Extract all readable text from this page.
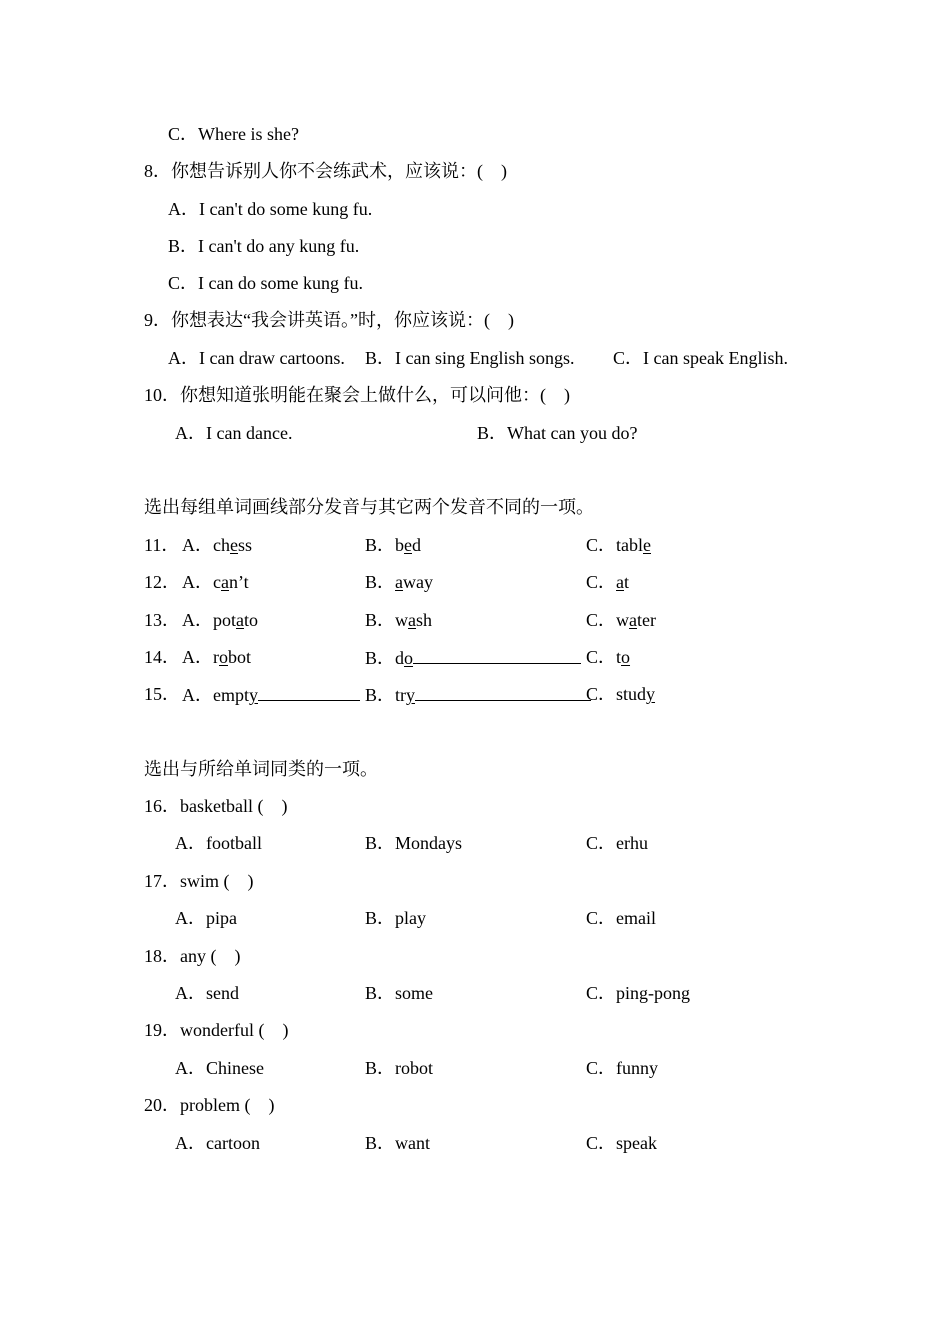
C．Where is she?
8．你想告诉别人你不会练武术，应该说：(　)
A．I can't do some kung fu.
B．I can't do any kung fu.
C．I can do some kung fu.
9．你想表达“我会讲英语。”时，你应该说：(　)
A．I can draw cartoons. B．I can sing English songs. C．I can speak English.
10．你想知道张明能在聚会上做什么，可以问他：(　)
A．I can dance.	B．What can you do?
选出每组单词画线部分发音与其它两个发音不同的一项。
11． A．chess	B．bed	C．table
12． A．can’t	B．away	C．at
13． A．potato	B．wash	C．water
14． A．robot	B．do	C．to
15． A．empty	B．try	C．study
选出与所给单词同类的一项。
16．basketball (　)
A．football	B．Mondays	C．erhu
17．swim (　)
A．pipa	B．play	C．email
18．any (　)
A．send	B．some	C．ping-pong
19．wonderful (　)
A．Chinese	B．robot	C．funny
20．problem (　)
A．cartoon	B．want	C．speak
